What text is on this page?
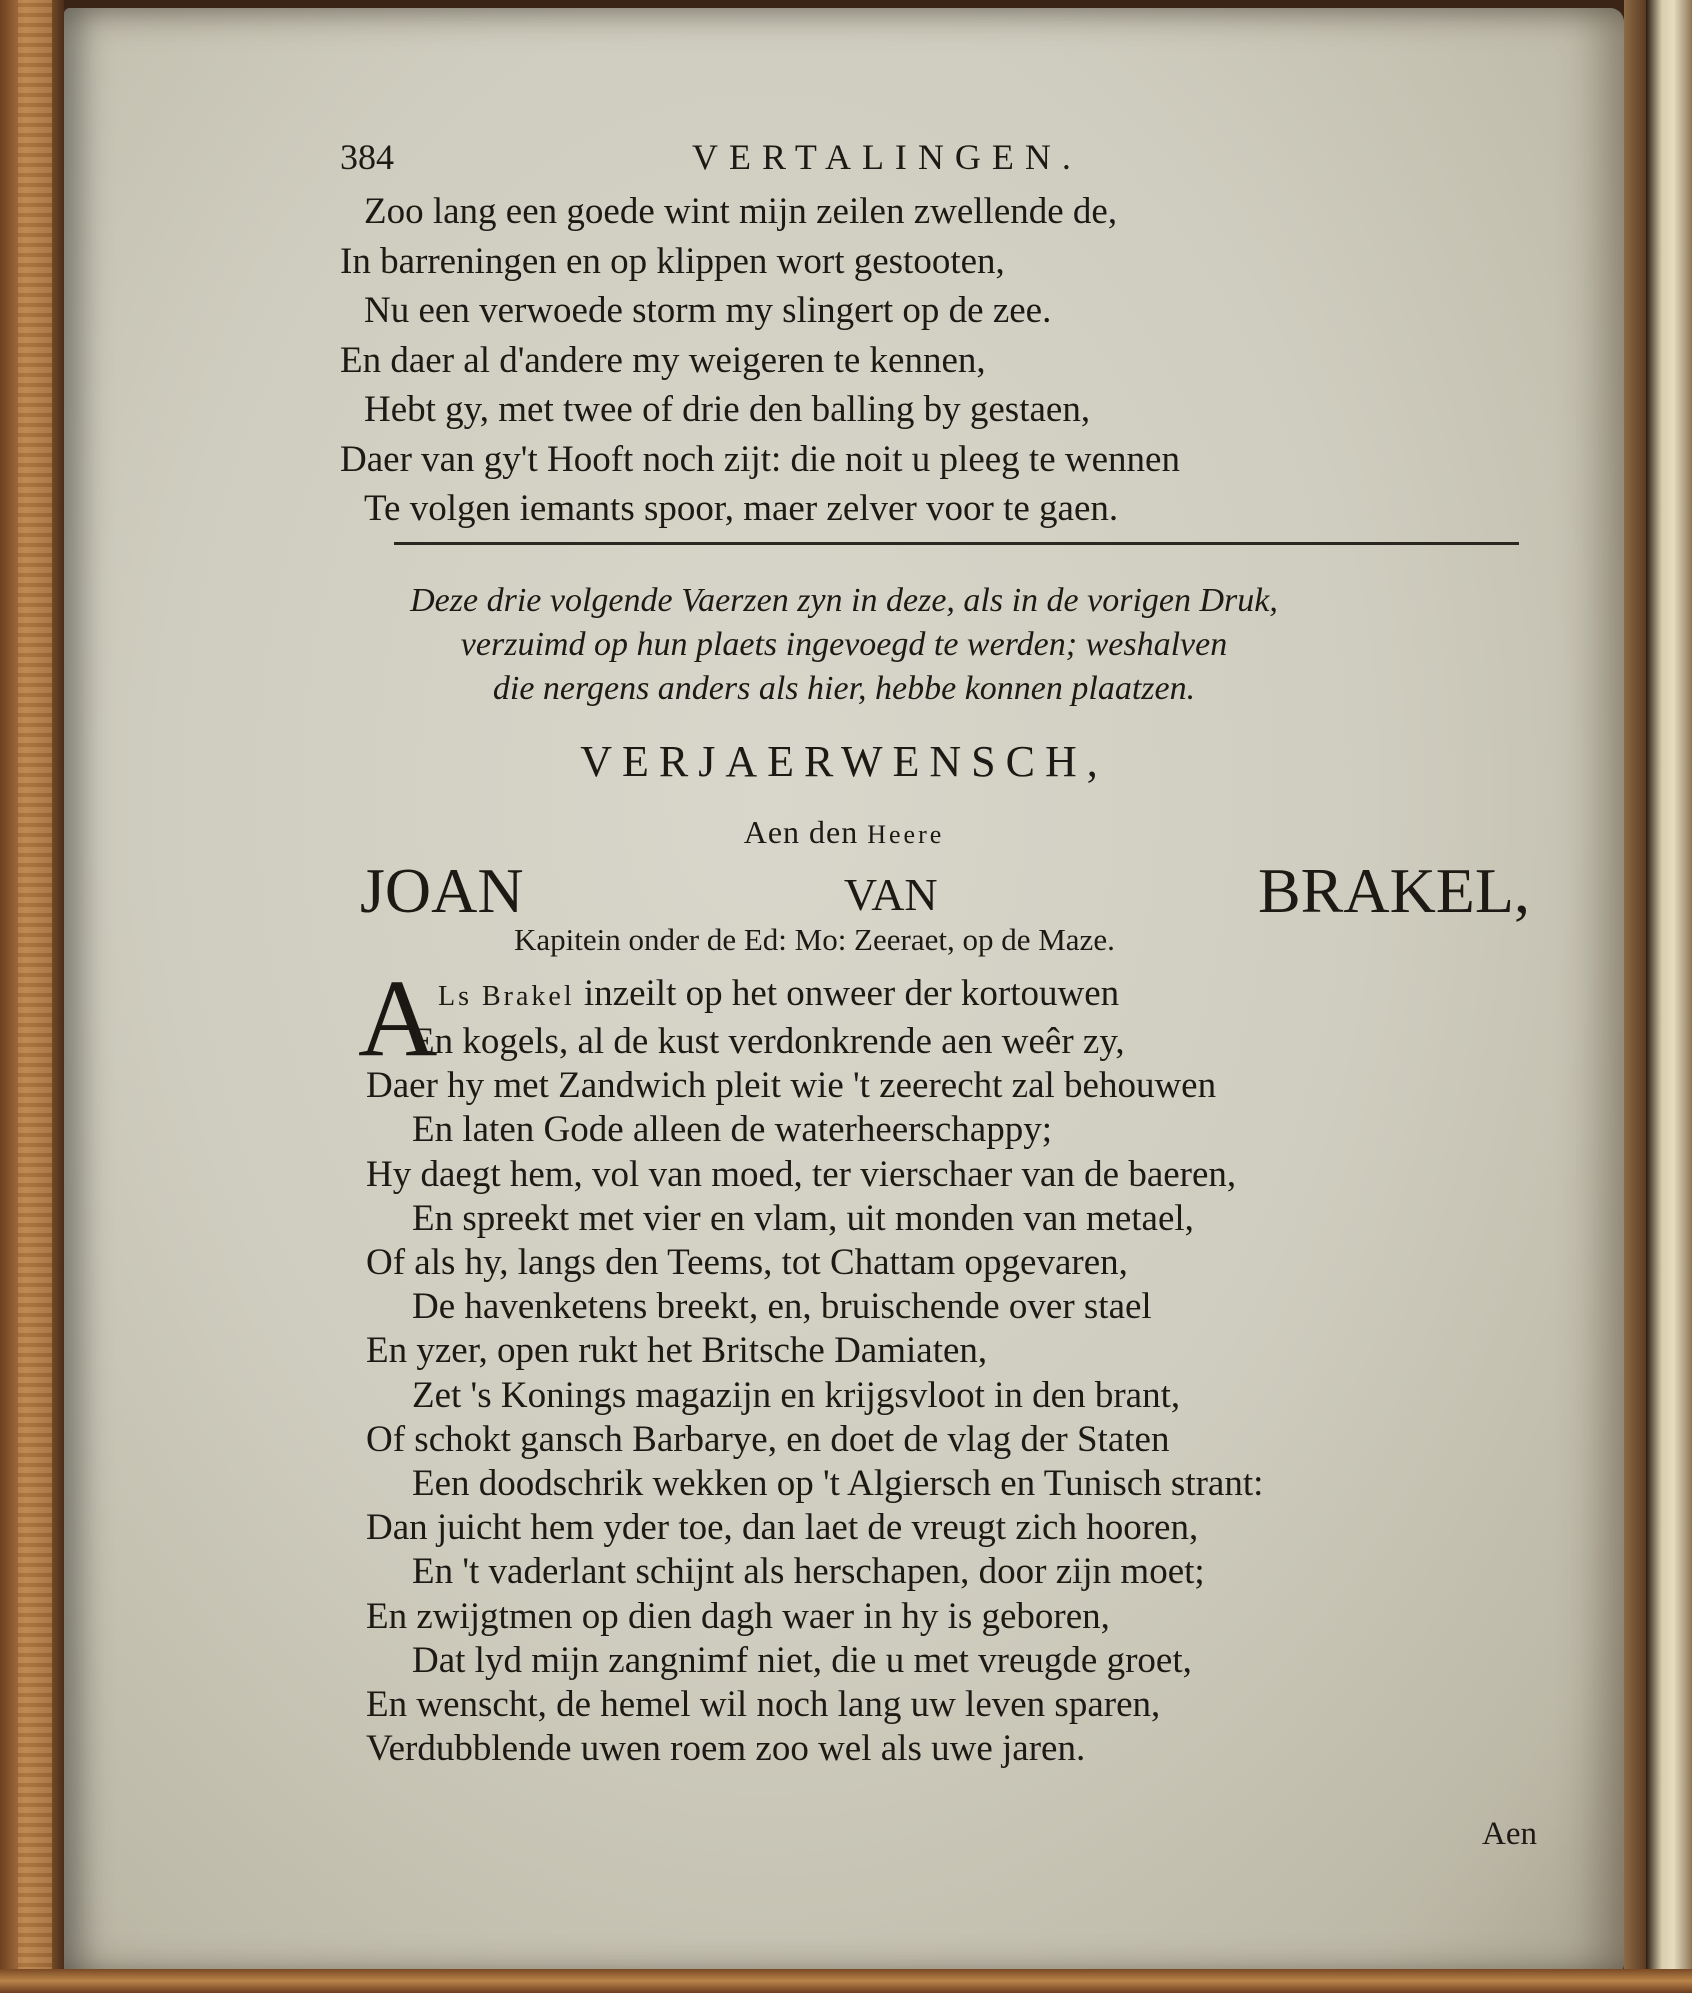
384	VERTALINGEN.
Zoo lang een goede wint mijn zeilen zwellende de,
In barreningen en op klippen wort gestooten,
Nu een verwoede storm my slingert op de zee.
En daer al d'andere my weigeren te kennen,
Hebt gy, met twee of drie den balling by gestaen,
Daer van gy't Hooft noch zijt: die noit u pleeg te wennen
Te volgen iemants spoor, maer zelver voor te gaen.
Deze drie volgende Vaerzen zyn in deze, als in de vorigen Druk,
verzuimd op hun plaets ingevoegd te werden; weshalven
die nergens anders als hier, hebbe konnen plaatzen.
VERJAERWENSCH,
Aen den Heere
JOAN	VAN	BRAKEL,
Kapitein onder de Ed: Mo: Zeeraet, op de Maze.
A Ls Brakel inzeilt op het onweer der kortouwen
En kogels, al de kust verdonkrende aen weêr zy,
Daer hy met Zandwich pleit wie 't zeerecht zal behouwen
En laten Gode alleen de waterheerschappy;
Hy daegt hem, vol van moed, ter vierschaer van de baeren,
En spreekt met vier en vlam, uit monden van metael,
Of als hy, langs den Teems, tot Chattam opgevaren,
De havenketens breekt, en, bruischende over stael
En yzer, open rukt het Britsche Damiaten,
Zet 's Konings magazijn en krijgsvloot in den brant,
Of schokt gansch Barbarye, en doet de vlag der Staten
Een doodschrik wekken op 't Algiersch en Tunisch strant:
Dan juicht hem yder toe, dan laet de vreugt zich hooren,
En 't vaderlant schijnt als herschapen, door zijn moet;
En zwijgtmen op dien dagh waer in hy is geboren,
Dat lyd mijn zangnimf niet, die u met vreugde groet,
En wenscht, de hemel wil noch lang uw leven sparen,
Verdubblende uwen roem zoo wel als uwe jaren.
Aen
